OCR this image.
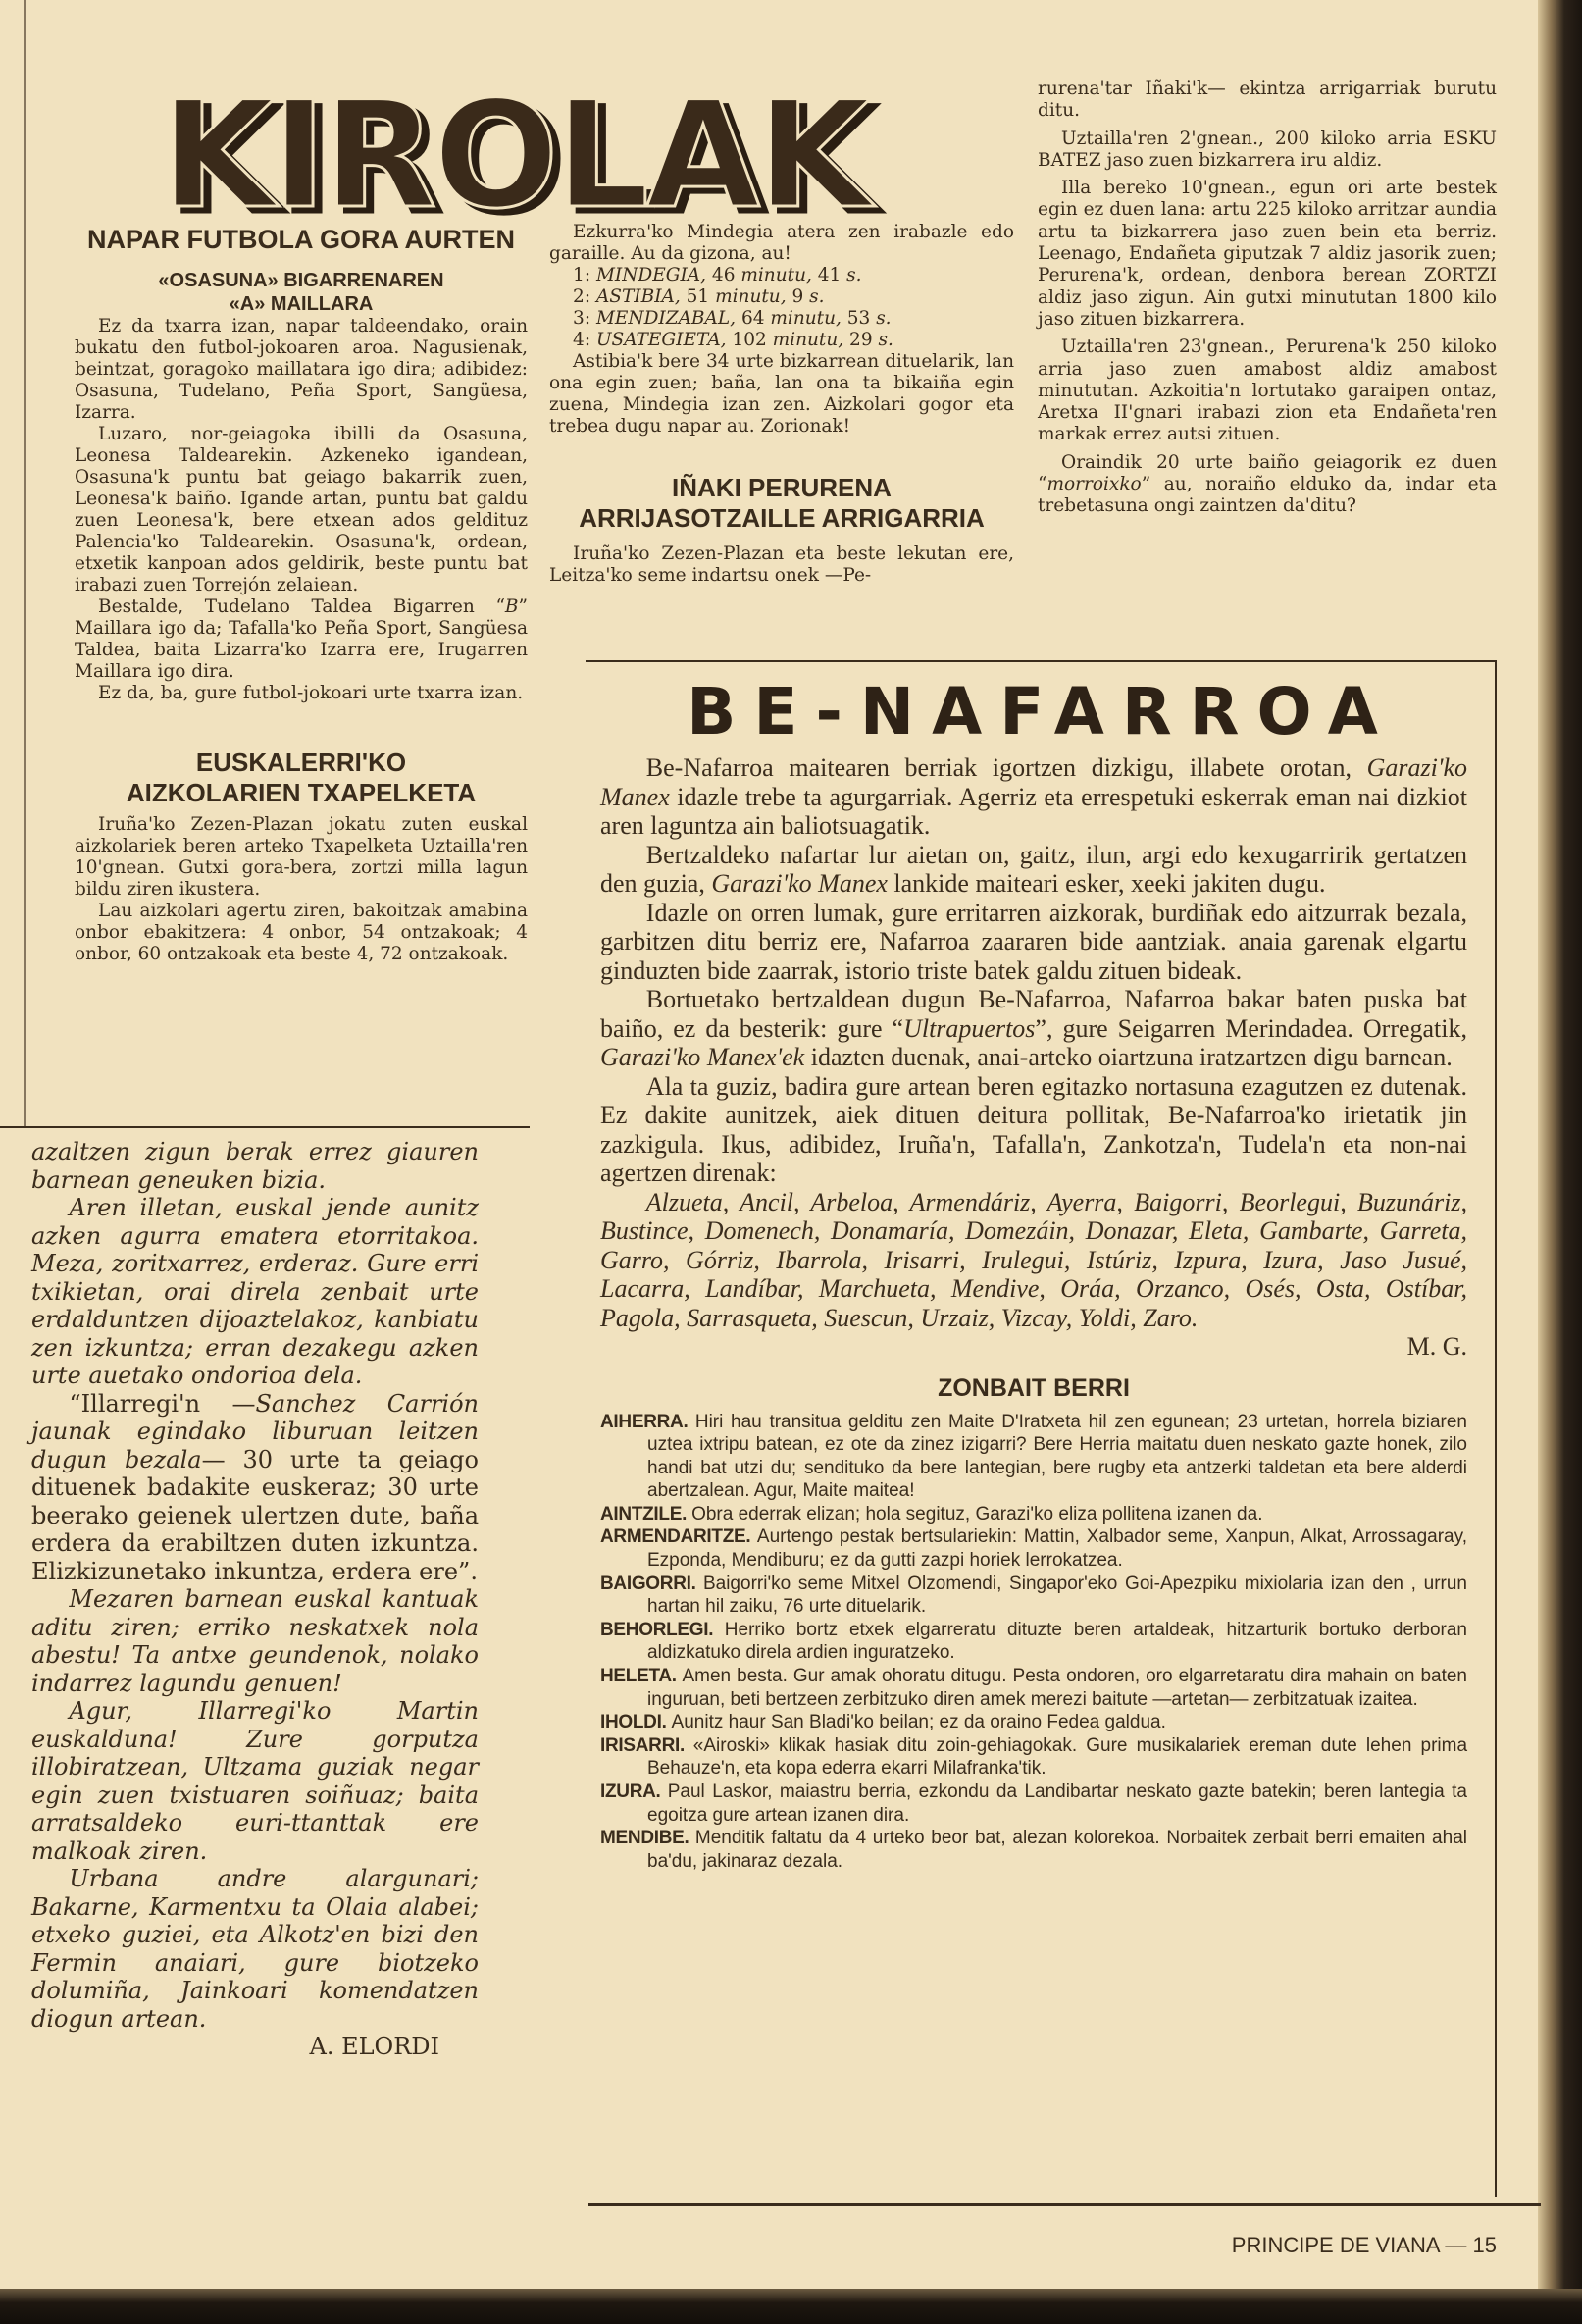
KIROLAK
NAPAR FUTBOLA GORA AURTEN
«OSASUNA» BIGARRENAREN
«A» MAILLARA

Ez da txarra izan, napar taldeendako, orain bukatu den futbol-jokoaren aroa. Nagusienak, beintzat, goragoko maillatara igo dira; adibidez: Osasuna, Tudelano, Peña Sport, Sangüesa, Izarra.

Luzaro, nor-geiagoka ibilli da Osasuna, Leonesa Taldearekin. Azkeneko igandean, Osasuna'k puntu bat geiago bakarrik zuen, Leonesa'k baiño. Igande artan, puntu bat galdu zuen Leonesa'k, bere etxean ados geldituz Palencia'ko Taldearekin. Osasuna'k, ordean, etxetik kanpoan ados geldirik, beste puntu bat irabazi zuen Torrejón zelaiean.

Bestalde, Tudelano Taldea Bigarren “B” Maillara igo da; Tafalla'ko Peña Sport, Sangüesa Taldea, baita Lizarra'ko Izarra ere, Irugarren Maillara igo dira.

Ez da, ba, gure futbol-jokoari urte txarra izan.

EUSKALERRI'KO
AIZKOLARIEN TXAPELKETA

Iruña'ko Zezen-Plazan jokatu zuten euskal aizkolariek beren arteko Txapelketa Uztailla'ren 10'gnean. Gutxi gora-bera, zortzi milla lagun bildu ziren ikustera.

Lau aizkolari agertu ziren, bakoitzak amabina onbor ebakitzera: 4 onbor, 54 ontzakoak; 4 onbor, 60 ontzakoak eta beste 4, 72 ontzakoak.

azaltzen zigun berak errez giauren barnean geneuken bizia.

Aren illetan, euskal jende aunitz azken agurra ematera etorritakoa. Meza, zoritxarrez, erderaz. Gure erri txikietan, orai direla zenbait urte erdalduntzen dijoaztelakoz, kanbiatu zen izkuntza; erran dezakegu azken urte auetako ondorioa dela.

“Illarregi'n —Sanchez Carrión jaunak egindako liburuan leitzen dugun bezala— 30 urte ta geiago dituenek badakite euskeraz; 30 urte beerako geienek ulertzen dute, baña erdera da erabiltzen duten izkuntza. Elizkizunetako inkuntza, erdera ere”.

Mezaren barnean euskal kantuak aditu ziren; erriko neskatxek nola abestu! Ta antxe geundenok, nolako indarrez lagundu genuen!

Agur, Illarregi'ko Martin euskalduna! Zure gorputza illobiratzean, Ultzama guziak negar egin zuen txistuaren soiñuaz; baita arratsaldeko euri-ttanttak ere malkoak ziren.

Urbana andre alargunari; Bakarne, Karmentxu ta Olaia alabei; etxeko guziei, eta Alkotz'en bizi den Fermin anaiari, gure biotzeko dolumiña, Jainkoari komendatzen diogun artean.

A. ELORDI

Ezkurra'ko Mindegia atera zen irabazle edo garaille. Au da gizona, au!

1: MINDEGIA, 46 minutu, 41 s.
2: ASTIBIA, 51 minutu, 9 s.
3: MENDIZABAL, 64 minutu, 53 s.
4: USATEGIETA, 102 minutu, 29 s.

Astibia'k bere 34 urte bizkarrean dituelarik, lan ona egin zuen; baña, lan ona ta bikaiña egin zuena, Mindegia izan zen. Aizkolari gogor eta trebea dugu napar au. Zorionak!

IÑAKI PERURENA
ARRIJASOTZAILLE ARRIGARRIA

Iruña'ko Zezen-Plazan eta beste lekutan ere, Leitza'ko seme indartsu onek —Pe-

rurena'tar Iñaki'k— ekintza arrigarriak burutu ditu.

Uztailla'ren 2'gnean., 200 kiloko arria ESKU BATEZ jaso zuen bizkarrera iru aldiz.

Illa bereko 10'gnean., egun ori arte bestek egin ez duen lana: artu 225 kiloko arritzar aundia artu ta bizkarrera jaso zuen bein eta berriz. Leenago, Endañeta giputzak 7 aldiz jasorik zuen; Perurena'k, ordean, denbora berean ZORTZI aldiz jaso zigun. Ain gutxi minututan 1800 kilo jaso zituen bizkarrera.

Uztailla'ren 23'gnean., Perurena'k 250 kiloko arria jaso zuen amabost aldiz amabost minututan. Azkoitia'n lortutako garaipen ontaz, Aretxa II'gnari irabazi zion eta Endañeta'ren markak errez autsi zituen.

Oraindik 20 urte baiño geiagorik ez duen “morroixko” au, noraiño elduko da, indar eta trebetasuna ongi zaintzen da'ditu?

BE-NAFARROA

Be-Nafarroa maitearen berriak igortzen dizkigu, illabete orotan, Garazi'ko Manex idazle trebe ta agurgarriak. Agerriz eta errespetuki eskerrak eman nai dizkiot aren laguntza ain baliotsuagatik.

Bertzaldeko nafartar lur aietan on, gaitz, ilun, argi edo kexugarririk gertatzen den guzia, Garazi'ko Manex lankide maiteari esker, xeeki jakiten dugu.

Idazle on orren lumak, gure erritarren aizkorak, burdiñak edo aitzurrak bezala, garbitzen ditu berriz ere, Nafarroa zaararen bide aantziak. anaia garenak elgartu ginduzten bide zaarrak, istorio triste batek galdu zituen bideak.

Bortuetako bertzaldean dugun Be-Nafarroa, Nafarroa bakar baten puska bat baiño, ez da besterik: gure “Ultrapuertos”, gure Seigarren Merindadea. Orregatik, Garazi'ko Manex'ek idazten duenak, anai-arteko oiartzuna iratzartzen digu barnean.

Ala ta guziz, badira gure artean beren egitazko nortasuna ezagutzen ez dutenak. Ez dakite aunitzek, aiek dituen deitura pollitak, Be-Nafarroa'ko irietatik jin zazkigula. Ikus, adibidez, Iruña'n, Tafalla'n, Zankotza'n, Tudela'n eta non-nai agertzen direnak:

Alzueta, Ancil, Arbeloa, Armendáriz, Ayerra, Baigorri, Beorlegui, Buzunáriz, Bustince, Domenech, Donamaría, Domezáin, Donazar, Eleta, Gambarte, Garreta, Garro, Górriz, Ibarrola, Irisarri, Irulegui, Istúriz, Izpura, Izura, Jaso Jusué, Lacarra, Landíbar, Marchueta, Mendive, Oráa, Orzanco, Osés, Osta, Ostíbar, Pagola, Sarrasqueta, Suescun, Urzaiz, Vizcay, Yoldi, Zaro.

M. G.
ZONBAIT BERRI

AIHERRA. Hiri hau transitua gelditu zen Maite D'Iratxeta hil zen egunean; 23 urtetan, horrela biziaren uztea ixtripu batean, ez ote da zinez izigarri? Bere Herria maitatu duen neskato gazte honek, zilo handi bat utzi du; sendituko da bere lantegian, bere rugby eta antzerki taldetan eta bere alderdi abertzalean. Agur, Maite maitea!

AINTZILE. Obra ederrak elizan; hola segituz, Garazi'ko eliza pollitena izanen da.

ARMENDARITZE. Aurtengo pestak bertsulariekin: Mattin, Xalbador seme, Xanpun, Alkat, Arrossagaray, Ezponda, Mendiburu; ez da gutti zazpi horiek lerrokatzea.

BAIGORRI. Baigorri'ko seme Mitxel Olzomendi, Singapor'eko Goi-Apezpiku mixiolaria izan den , urrun hartan hil zaiku, 76 urte dituelarik.

BEHORLEGI. Herriko bortz etxek elgarreratu dituzte beren artaldeak, hitzarturik bortuko derboran aldizkatuko direla ardien inguratzeko.

HELETA. Amen besta. Gur amak ohoratu ditugu. Pesta ondoren, oro elgarretaratu dira mahain on baten inguruan, beti bertzeen zerbitzuko diren amek merezi baitute —artetan— zerbitzatuak izaitea.

IHOLDI. Aunitz haur San Bladi'ko beilan; ez da oraino Fedea galdua.

IRISARRI. «Airoski» klikak hasiak ditu zoin-gehiagokak. Gure musikalariek ereman dute lehen prima Behauze'n, eta kopa ederra ekarri Milafranka'tik.

IZURA. Paul Laskor, maiastru berria, ezkondu da Landibartar neskato gazte batekin; beren lantegia ta egoitza gure artean izanen dira.

MENDIBE. Menditik faltatu da 4 urteko beor bat, alezan kolorekoa. Norbaitek zerbait berri emaiten ahal ba'du, jakinaraz dezala.

PRINCIPE DE VIANA — 15
